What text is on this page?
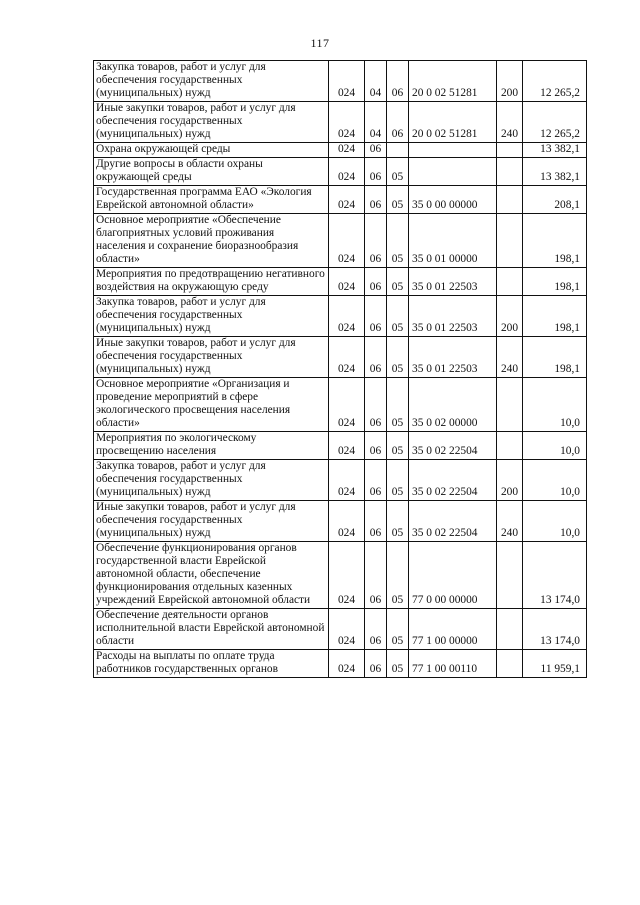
117
Закупка товаров, работ и услуг для обеспечения государственных (муниципальных) нужд	024	04	06	20 0 02 51281	200	12 265,2
Иные закупки товаров, работ и услуг для обеспечения государственных (муниципальных) нужд	024	04	06	20 0 02 51281	240	12 265,2
Охрана окружающей среды	024	06				13 382,1
Другие вопросы в области охраны окружающей среды	024	06	05			13 382,1
Государственная программа ЕАО «Экология Еврейской автономной области»	024	06	05	35 0 00 00000		208,1
Основное мероприятие «Обеспечение благоприятных условий проживания населения и сохранение биоразнообразия области»	024	06	05	35 0 01 00000		198,1
Мероприятия по предотвращению негативного воздействия на окружающую среду	024	06	05	35 0 01 22503		198,1
Закупка товаров, работ и услуг для обеспечения государственных (муниципальных) нужд	024	06	05	35 0 01 22503	200	198,1
Иные закупки товаров, работ и услуг для обеспечения государственных (муниципальных) нужд	024	06	05	35 0 01 22503	240	198,1
Основное мероприятие «Организация и проведение мероприятий в сфере экологического просвещения населения области»	024	06	05	35 0 02 00000		10,0
Мероприятия по экологическому просвещению населения	024	06	05	35 0 02 22504		10,0
Закупка товаров, работ и услуг для обеспечения государственных (муниципальных) нужд	024	06	05	35 0 02 22504	200	10,0
Иные закупки товаров, работ и услуг для обеспечения государственных (муниципальных) нужд	024	06	05	35 0 02 22504	240	10,0
Обеспечение функционирования органов государственной власти Еврейской автономной области, обеспечение функционирования отдельных казенных учреждений Еврейской автономной области	024	06	05	77 0 00 00000		13 174,0
Обеспечение деятельности органов исполнительной власти Еврейской автономной области	024	06	05	77 1 00 00000		13 174,0
Расходы на выплаты по оплате труда работников государственных органов	024	06	05	77 1 00 00110		11 959,1
